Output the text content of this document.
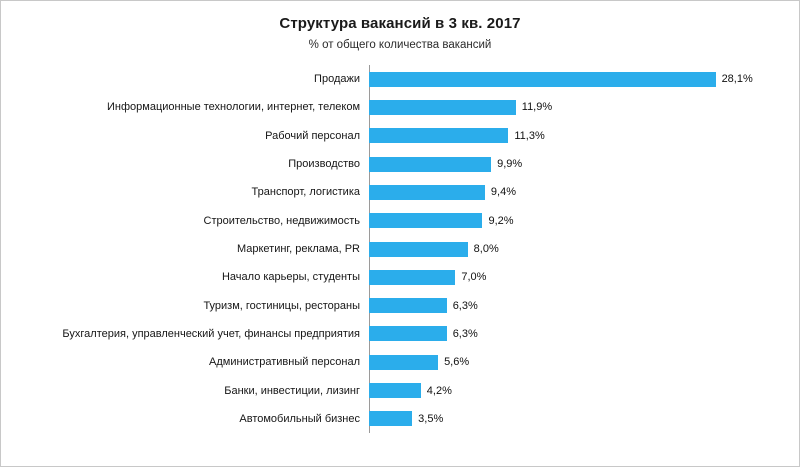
Структура вакансий в 3 кв. 2017
% от общего количества вакансий
Продажи	28,1%
Информационные технологии, интернет, телеком	11,9%
Рабочий персонал	11,3%
Производство	9,9%
Транспорт, логистика	9,4%
Строительство, недвижимость	9,2%
Маркетинг, реклама, PR	8,0%
Начало карьеры, студенты	7,0%
Туризм, гостиницы, рестораны	6,3%
Бухгалтерия, управленческий учет, финансы предприятия	6,3%
Административный персонал	5,6%
Банки, инвестиции, лизинг	4,2%
Автомобильный бизнес	3,5%
